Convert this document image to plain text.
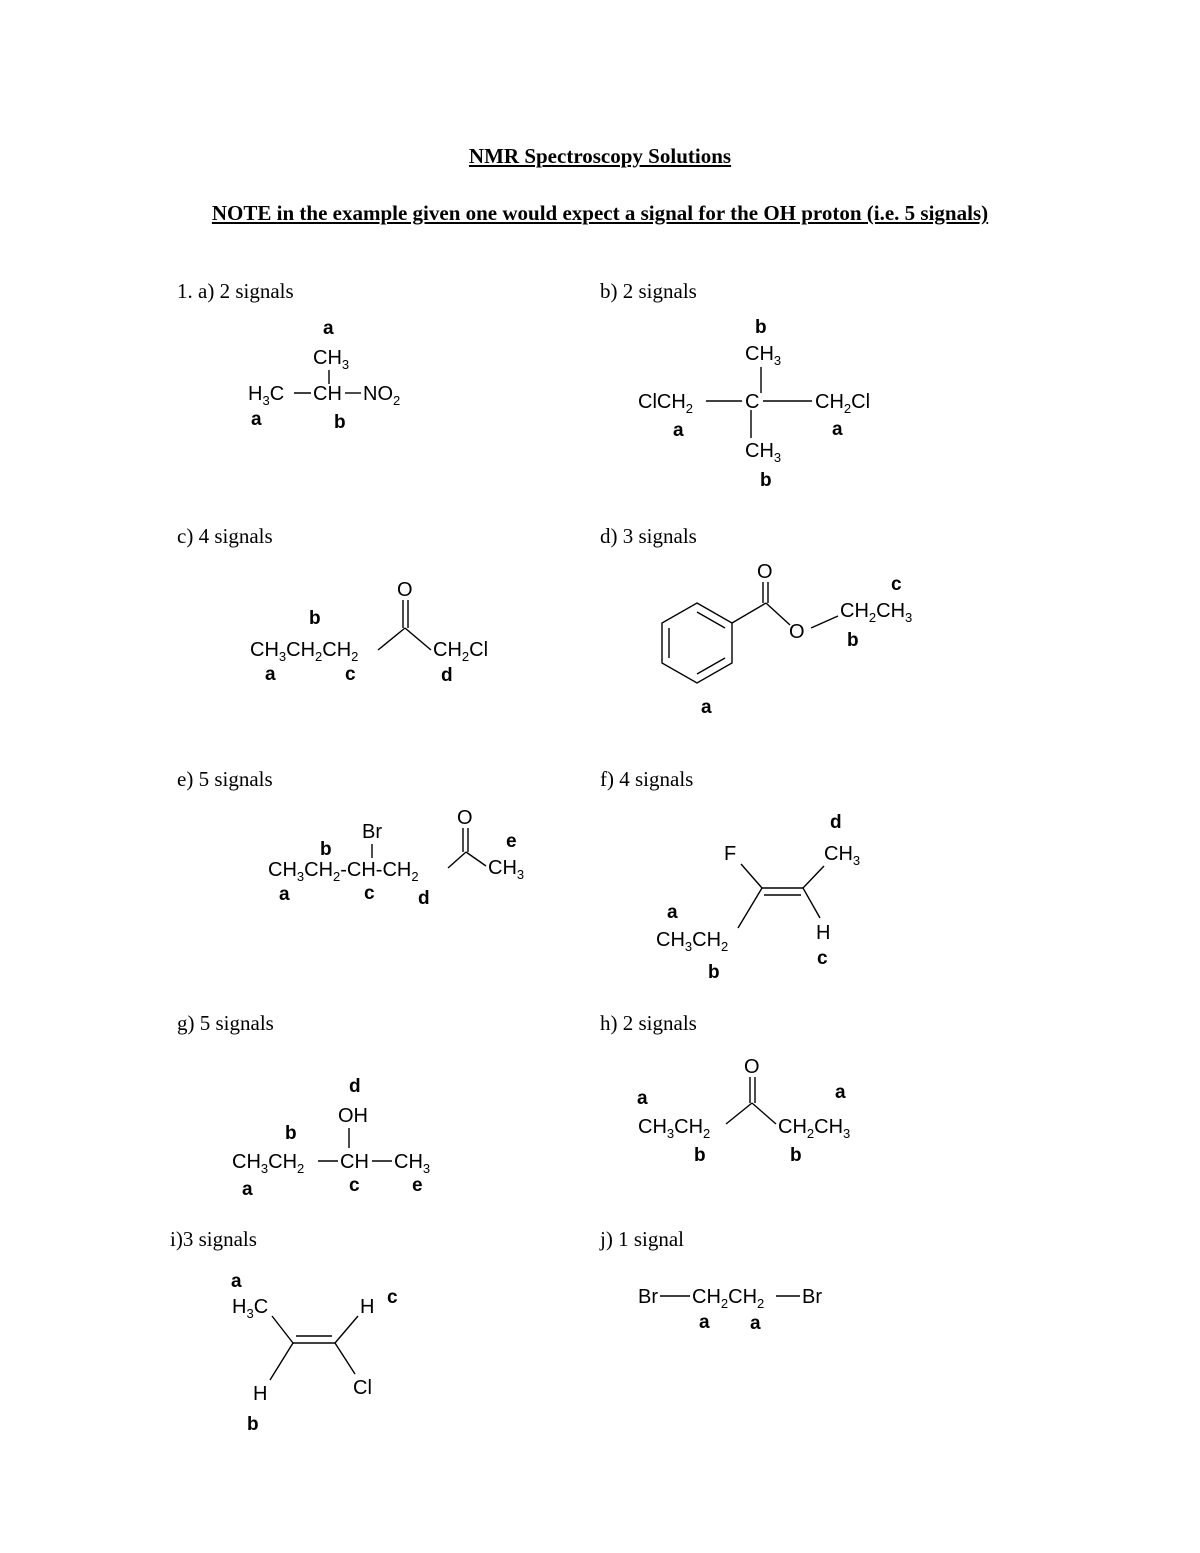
NMR Spectroscopy Solutions
NOTE in the example given one would expect a signal for the OH proton (i.e. 5 signals)
1. a) 2 signals	b) 2 signals
c) 4 signals	d) 3 signals
e) 5 signals	f) 4 signals
g) 5 signals	h) 2 signals
i)3 signals	j) 1 signal
a
$CH_3$
$H_3C$ CH $NO_2$
a	b
b
$CH_3$
ClCH$_2$	C	$CH_2Cl$
a	a
$CH_3$
b
O
b
$CH_3CH_2CH_2$	$CH_2Cl$
a	c	d
O
O
c
$CH_2CH_3$
b
a
Br
O
b	e
$CH_3CH_2-CH-CH_2$	$CH_3$
a	c d
d
F	$CH_3$
a
H
$CH_3CH_2$
c
b
d
OH
b
$CH_3CH_2$ CH $CH_3$
a	c	e
O
a	a
$CH_3CH_2$	$CH_2CH_3$
b	b
a
$H_3C$	H c
Cl
H
b
Br $CH_2CH_2$ Br
a a
